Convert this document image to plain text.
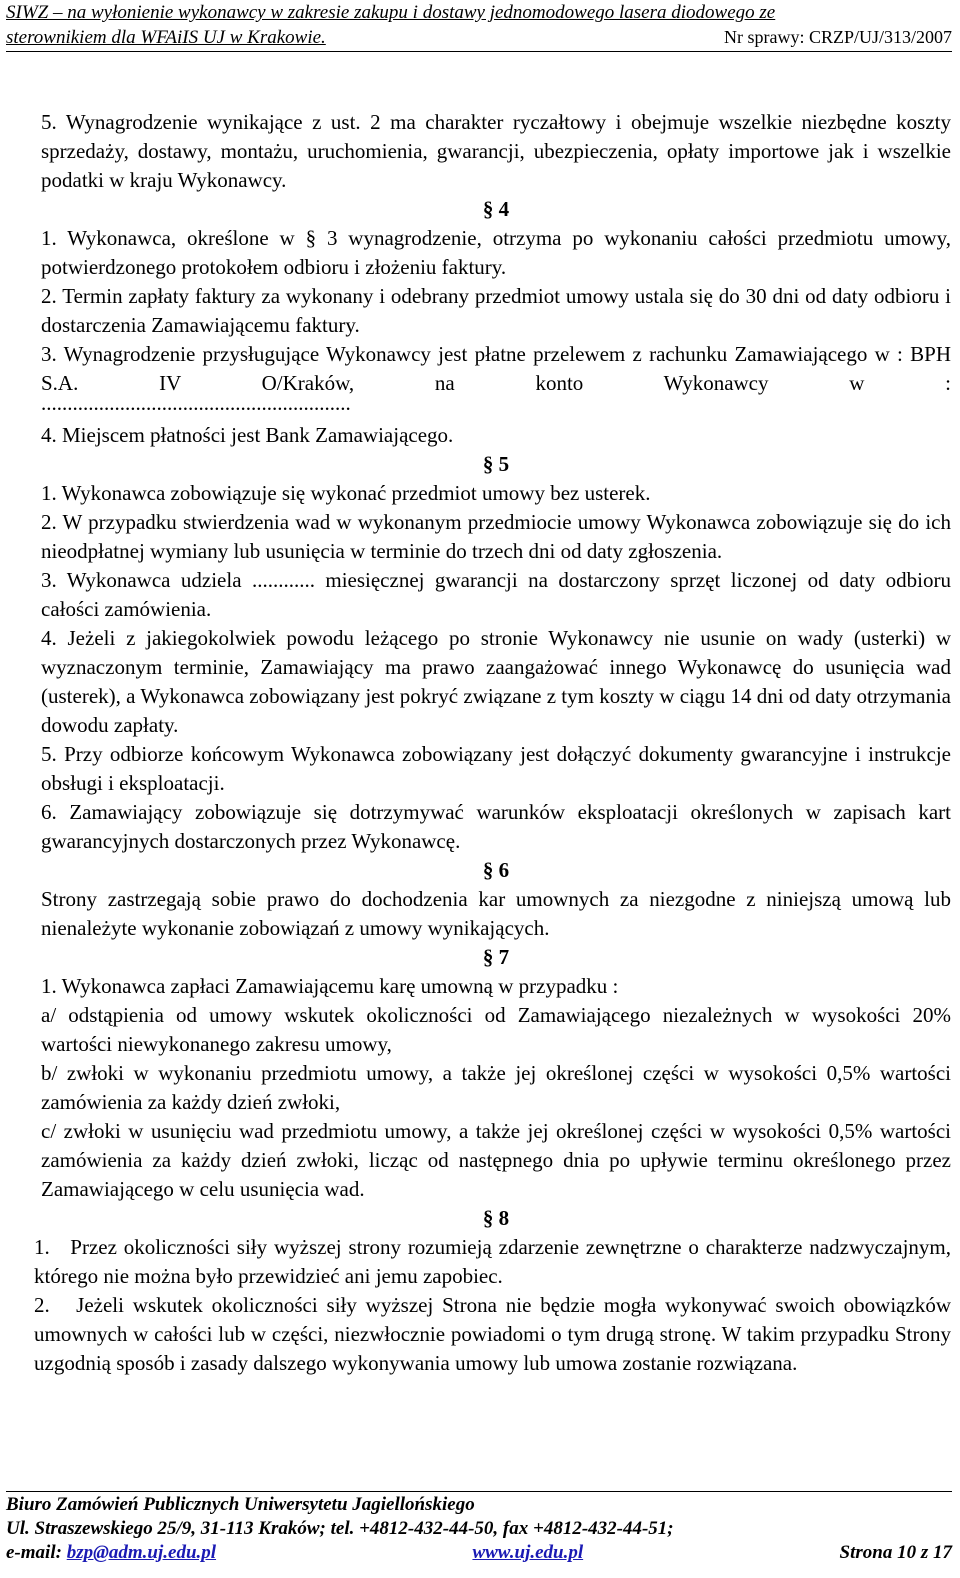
SIWZ – na wyłonienie wykonawcy w zakresie zakupu i dostawy jednomodowego lasera diodowego ze
sterownikiem dla WFAiIS UJ w Krakowie.	Nr sprawy: CRZP/UJ/313/2007

5. Wynagrodzenie wynikające z ust. 2 ma charakter ryczałtowy i obejmuje wszelkie niezbędne koszty sprzedaży, dostawy, montażu, uruchomienia, gwarancji, ubezpieczenia, opłaty importowe jak i wszelkie podatki w kraju Wykonawcy.

§ 4

1. Wykonawca, określone w § 3 wynagrodzenie, otrzyma po wykonaniu całości przedmiotu umowy, potwierdzonego protokołem odbioru i złożeniu faktury.

2. Termin zapłaty faktury za wykonany i odebrany przedmiot umowy ustala się do 30 dni od daty odbioru i dostarczenia Zamawiającemu faktury.

3. Wynagrodzenie przysługujące Wykonawcy jest płatne przelewem z rachunku Zamawiającego w : BPH S.A. IV O/Kraków, na konto Wykonawcy w :

...........................................................

4. Miejscem płatności jest Bank Zamawiającego.

§ 5

1. Wykonawca zobowiązuje się wykonać przedmiot umowy bez usterek.

2. W przypadku stwierdzenia wad w wykonanym przedmiocie umowy Wykonawca zobowiązuje się do ich nieodpłatnej wymiany lub usunięcia w terminie do trzech dni od daty zgłoszenia.

3. Wykonawca udziela ............ miesięcznej gwarancji na dostarczony sprzęt liczonej od daty odbioru całości zamówienia.

4. Jeżeli z jakiegokolwiek powodu leżącego po stronie Wykonawcy nie usunie on wady (usterki) w wyznaczonym terminie, Zamawiający ma prawo zaangażować innego Wykonawcę do usunięcia wad (usterek), a Wykonawca zobowiązany jest pokryć związane z tym koszty w ciągu 14 dni od daty otrzymania dowodu zapłaty.

5. Przy odbiorze końcowym Wykonawca zobowiązany jest dołączyć dokumenty gwarancyjne i instrukcje obsługi i eksploatacji.

6. Zamawiający zobowiązuje się dotrzymywać warunków eksploatacji określonych w zapisach kart gwarancyjnych dostarczonych przez Wykonawcę.

§ 6

Strony zastrzegają sobie prawo do dochodzenia kar umownych za niezgodne z niniejszą umową lub nienależyte wykonanie zobowiązań z umowy wynikających.

§ 7

1. Wykonawca zapłaci Zamawiającemu karę umowną w przypadku :

a/ odstąpienia od umowy wskutek okoliczności od Zamawiającego niezależnych w wysokości 20% wartości niewykonanego zakresu umowy,

b/ zwłoki w wykonaniu przedmiotu umowy, a także jej określonej części w wysokości 0,5% wartości zamówienia za każdy dzień zwłoki,

c/ zwłoki w usunięciu wad przedmiotu umowy, a także jej określonej części w wysokości 0,5% wartości zamówienia za każdy dzień zwłoki, licząc od następnego dnia po upływie terminu określonego przez Zamawiającego w celu usunięcia wad.

§ 8

1.   Przez okoliczności siły wyższej strony rozumieją zdarzenie zewnętrzne o charakterze nadzwyczajnym, którego nie można było przewidzieć ani jemu zapobiec.

2.   Jeżeli wskutek okoliczności siły wyższej Strona nie będzie mogła wykonywać swoich obowiązków umownych w całości lub w części, niezwłocznie powiadomi o tym drugą stronę. W takim przypadku Strony uzgodnią sposób i zasady dalszego wykonywania umowy lub umowa zostanie rozwiązana.

Biuro Zamówień Publicznych Uniwersytetu Jagiellońskiego
Ul. Straszewskiego 25/9, 31-113 Kraków; tel. +4812-432-44-50, fax +4812-432-44-51;
e-mail: bzp@adm.uj.edu.pl	www.uj.edu.pl	Strona 10 z 17
